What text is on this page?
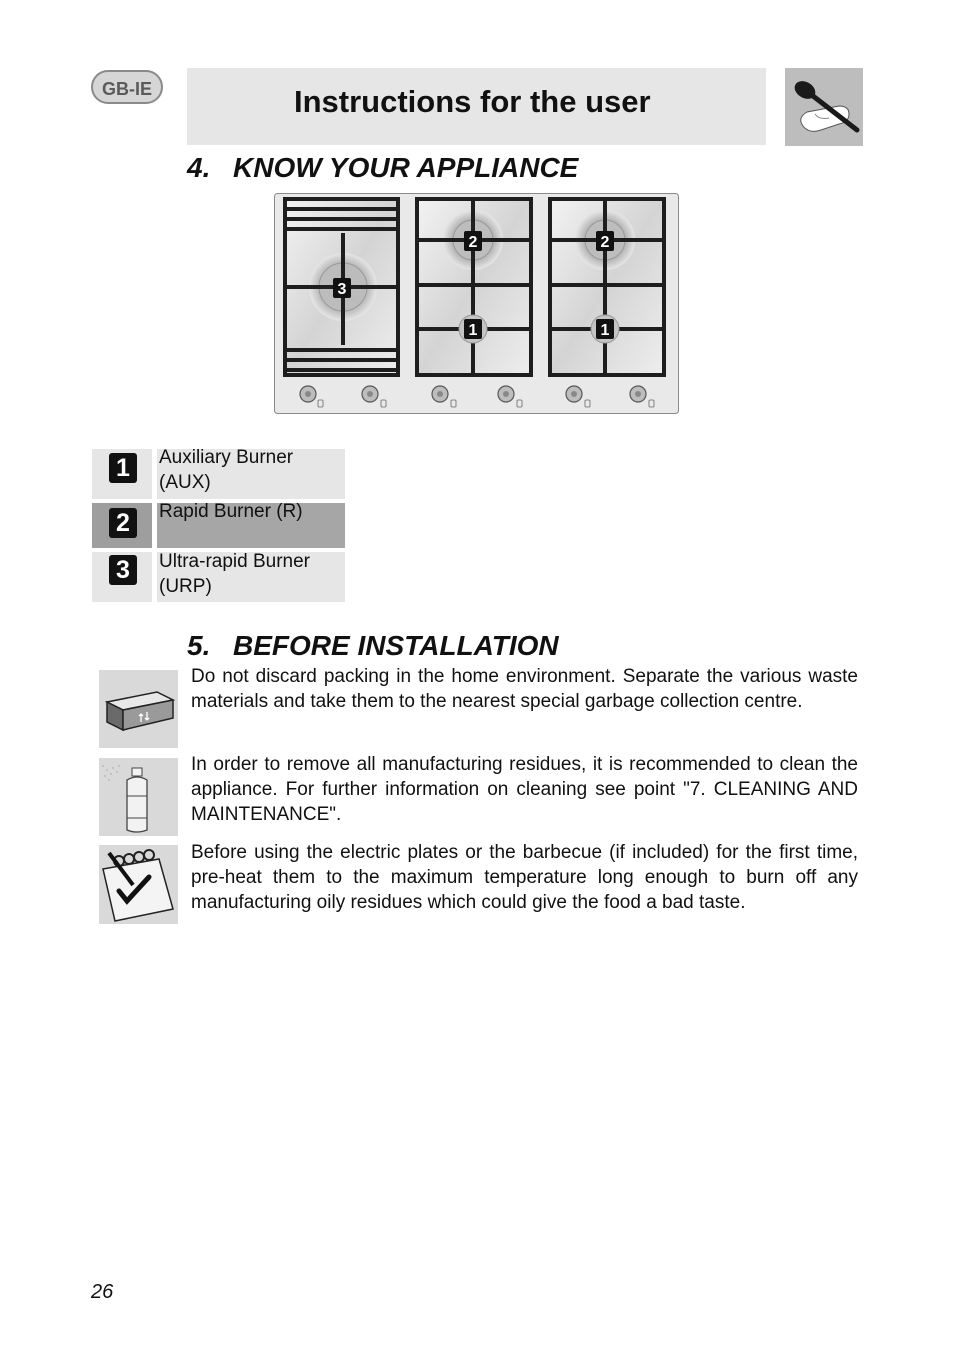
GB-IE	Instructions for the user
4. KNOW YOUR APPLIANCE
3
2
1
2
1
1	Auxiliary Burner (AUX)
2	Rapid Burner (R)
3	Ultra-rapid Burner (URP)
5. BEFORE INSTALLATION
Do not discard packing in the home environment. Separate the various waste materials and take them to the nearest special garbage collection centre.
In order to remove all manufacturing residues, it is recommended to clean the appliance. For further information on cleaning see point "7. CLEANING AND MAINTENANCE".
Before using the electric plates or the barbecue (if included) for the first time, pre-heat them to the maximum temperature long enough to burn off any manufacturing oily residues which could give the food a bad taste.
26
